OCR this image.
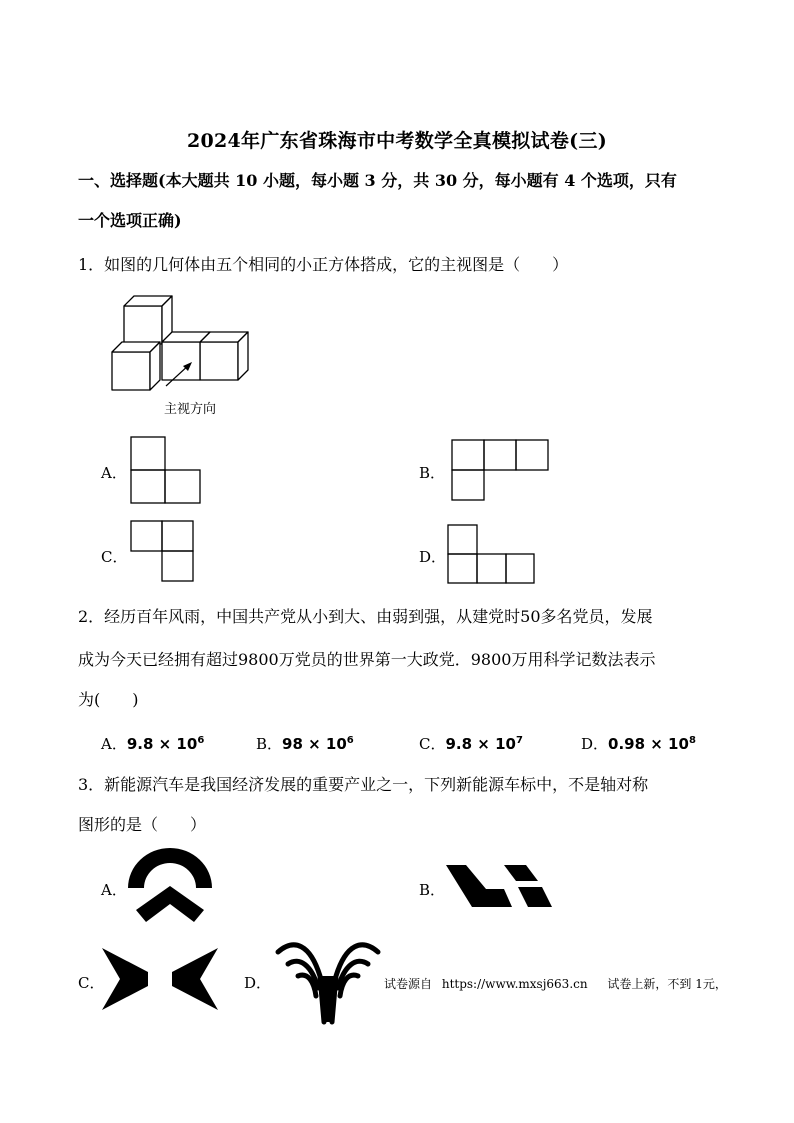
2024年广东省珠海市中考数学全真模拟试卷(三)
一、选择题(本大题共 10 小题，每小题 3 分，共 30 分，每小题有 4 个选项，只有
一个选项正确)
1．如图的几何体由五个相同的小正方体搭成，它的主视图是（　　）
主视方向
A．	B．
C．	D．
2．经历百年风雨，中国共产党从小到大、由弱到强，从建党时50多名党员，发展
成为今天已经拥有超过9800万党员的世界第一大政党．9800万用科学记数法表示
为(　　)
A．$9.8 \times 10^6$	B．$98 \times 10^6$	C．$9.8 \times 10^7$	D．$0.98 \times 10^8$
3．新能源汽车是我国经济发展的重要产业之一，下列新能源车标中，不是轴对称
图形的是（　　）
A．	B．
C．	D．	试卷源自 https://www.mxsj663.cn 试卷上新，不到 1元，
